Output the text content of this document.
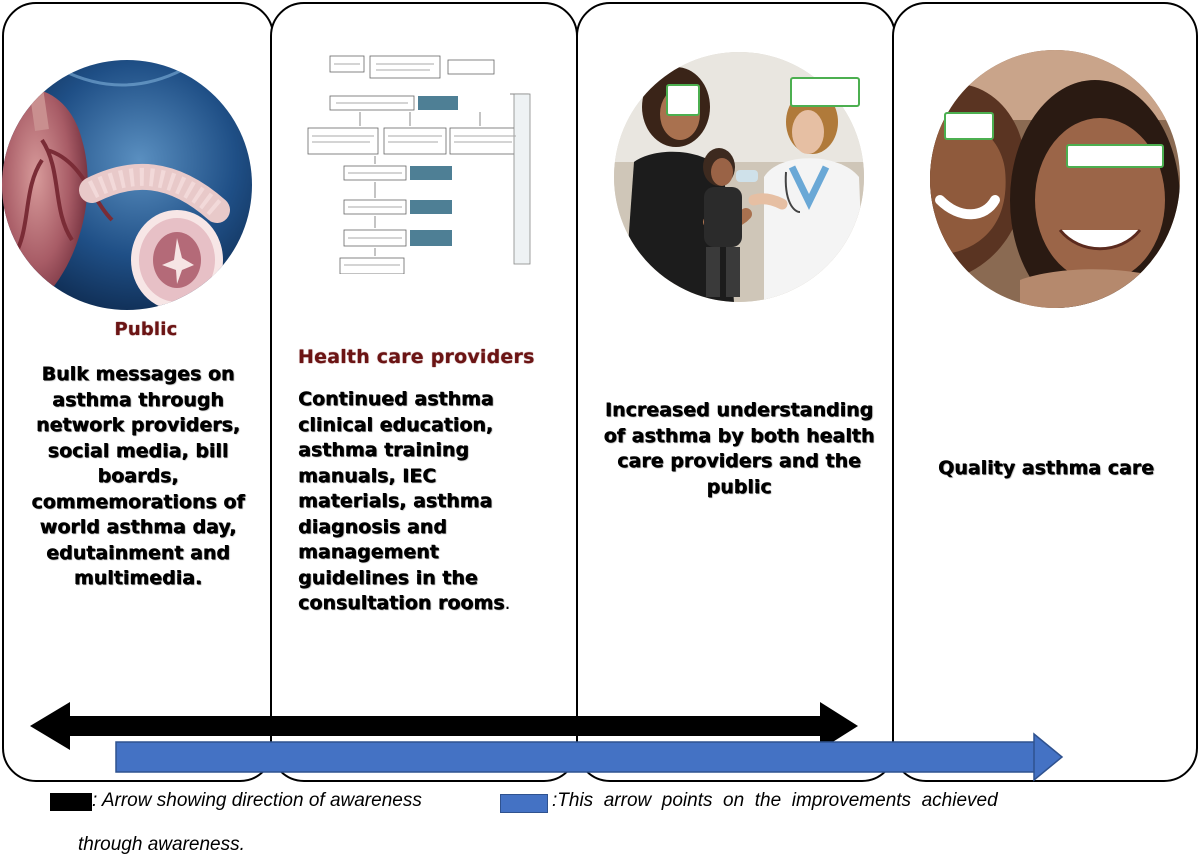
Public
Bulk messages on asthma through network providers, social media, bill boards, commemorations of world asthma day, edutainment and multimedia.
Health care providers
Continued asthma clinical education, asthma training manuals, IEC materials, asthma diagnosis and management guidelines in the consultation rooms.
Increased understanding of asthma by both health care providers and the public
Quality asthma care
: Arrow showing direction of awareness	:This  arrow  points  on  the  improvements  achieved
through awareness.
